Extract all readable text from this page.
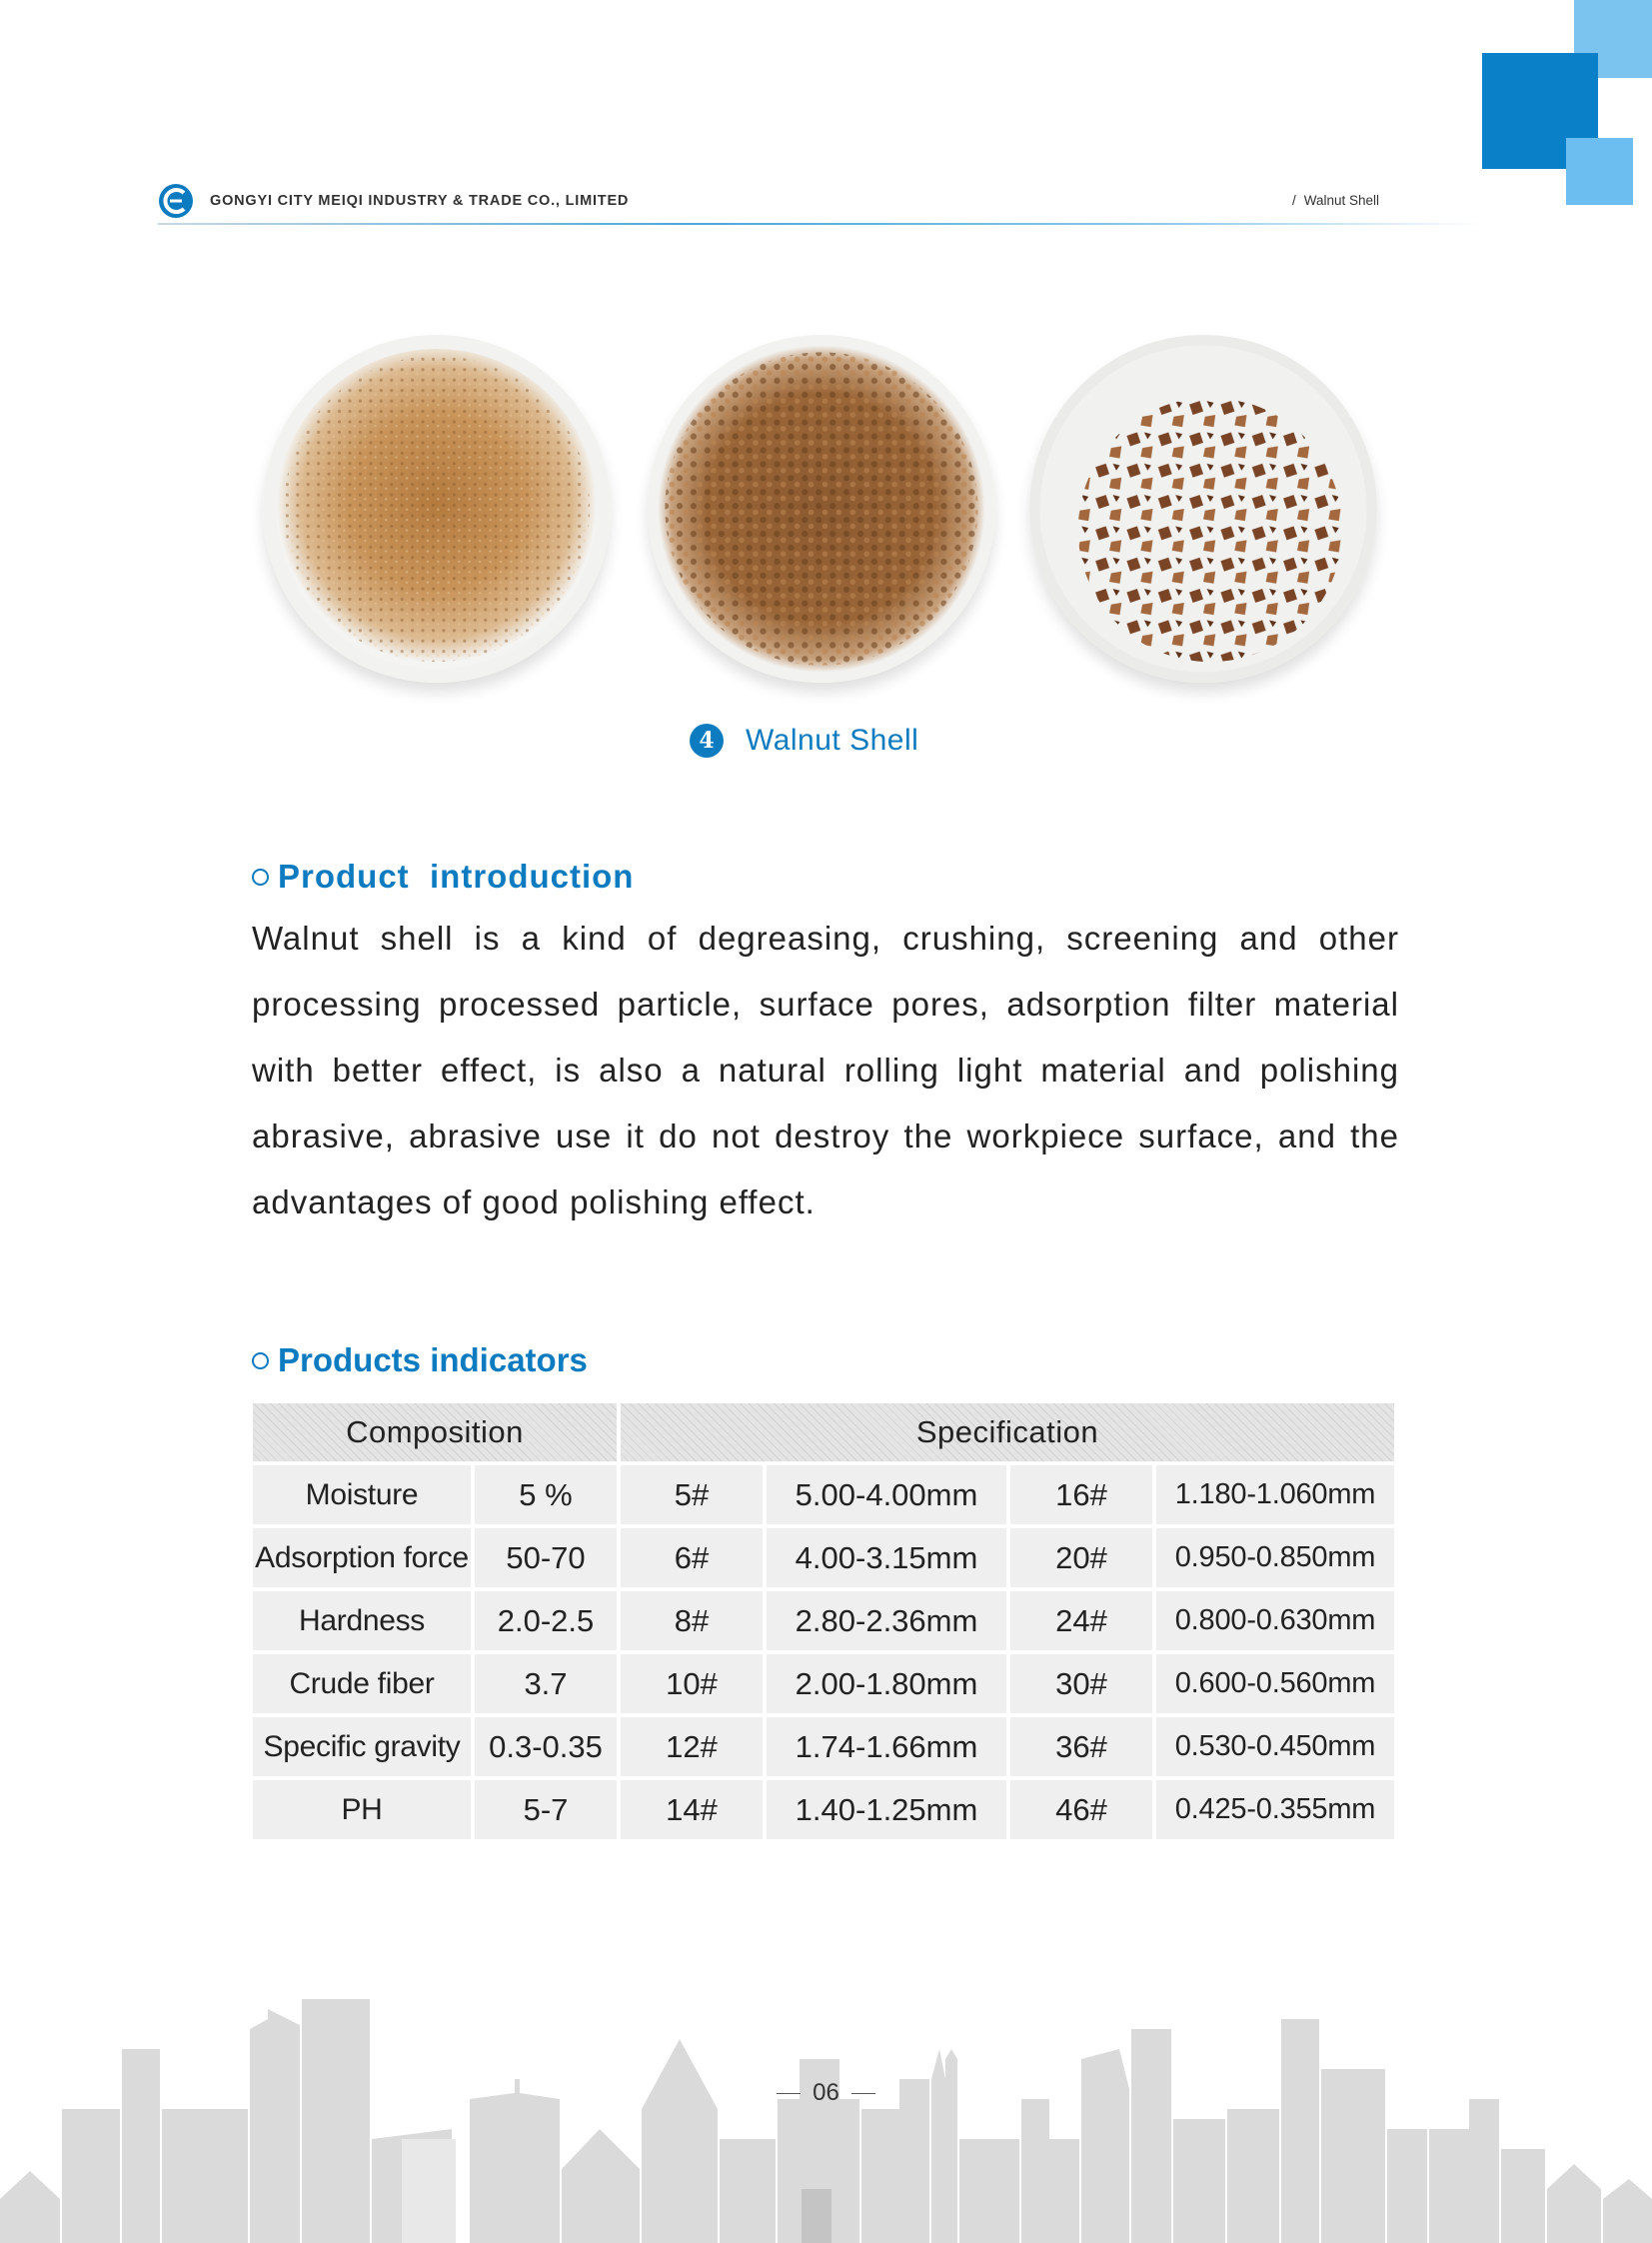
GONGYI CITY MEIQI INDUSTRY & TRADE CO., LIMITED	/ Walnut Shell
4	Walnut Shell
Product  introduction

Walnut shell is a kind of degreasing, crushing, screening and other processing processed particle, surface pores, adsorption filter material with better effect, is also a natural rolling light material and polishing abrasive, abrasive use it do not destroy the workpiece surface, and the advantages of good polishing effect.

Products indicators
Composition		Specification			
Moisture	5 %	5#	5.00-4.00mm	16#	1.180-1.060mm
Adsorption force	50-70	6#	4.00-3.15mm	20#	0.950-0.850mm
Hardness	2.0-2.5	8#	2.80-2.36mm	24#	0.800-0.630mm
Crude fiber	3.7	10#	2.00-1.80mm	30#	0.600-0.560mm
Specific gravity	0.3-0.35	12#	1.74-1.66mm	36#	0.530-0.450mm
PH	5-7	14#	1.40-1.25mm	46#	0.425-0.355mm
06
